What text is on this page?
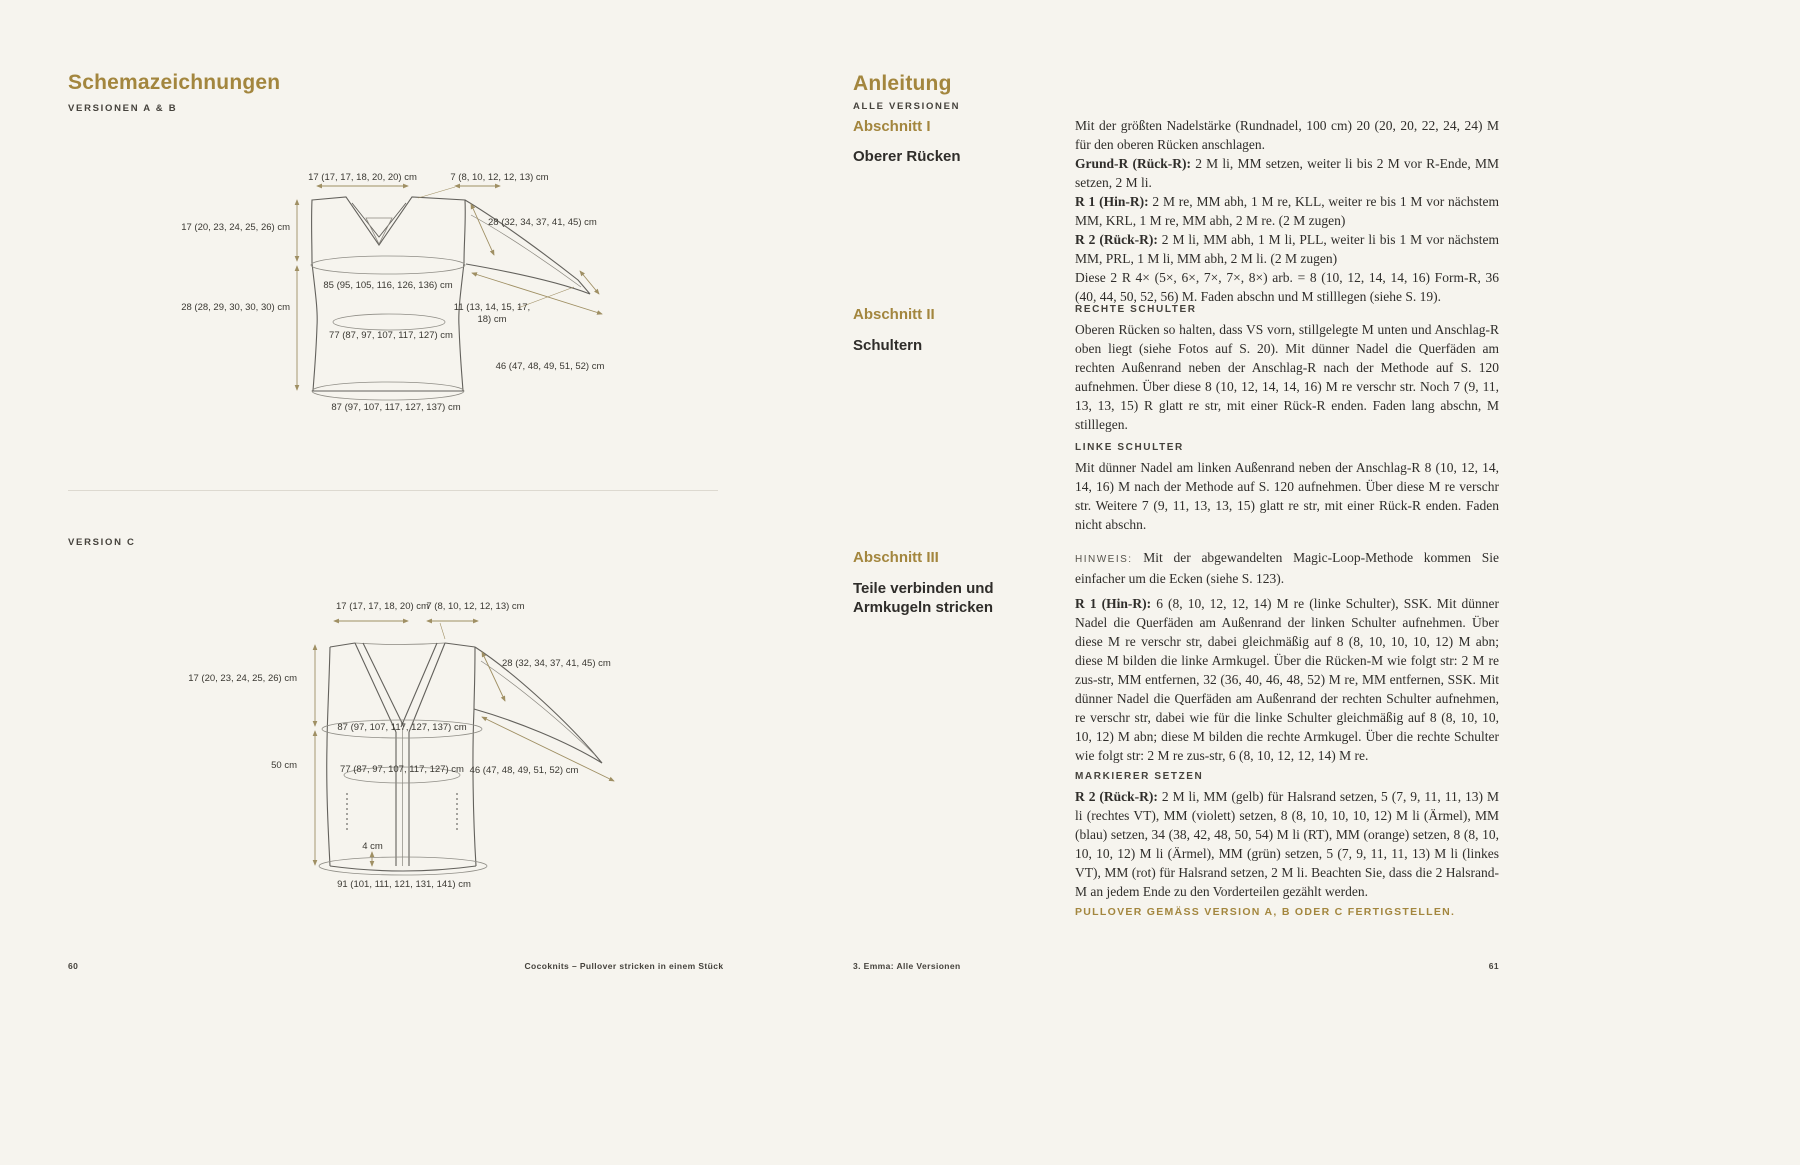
Schemazeichnungen
VERSIONEN A & B
17 (17, 17, 18, 20, 20) cm	7 (8, 10, 12, 12, 13) cm
17 (20, 23, 24, 25, 26) cm	28 (32, 34, 37, 41, 45) cm
85 (95, 105, 116, 126, 136) cm
28 (28, 29, 30, 30, 30) cm	11 (13, 14, 15, 17, 18) cm
77 (87, 97, 107, 117, 127) cm
46 (47, 48, 49, 51, 52) cm
87 (97, 107, 117, 127, 137) cm
VERSION C
17 (17, 17, 18, 20) cm
7 (8, 10, 12, 12, 13) cm
17 (20, 23, 24, 25, 26) cm
28 (32, 34, 37, 41, 45) cm
87 (97, 107, 117, 127, 137) cm
50 cm	77 (87, 97, 107, 117, 127) cm 46 (47, 48, 49, 51, 52) cm
4 cm
91 (101, 111, 121, 131, 141) cm
60	Cocoknits – Pullover stricken in einem Stück
Anleitung
ALLE VERSIONEN
Abschnitt I
Oberer Rücken
Abschnitt II
Schultern
Abschnitt III
Teile verbinden und Armkugeln stricken

Mit der größten Nadelstärke (Rundnadel, 100 cm) 20 (20, 20, 22, 24, 24) M für den oberen Rücken anschlagen.

Grund-R (Rück-R): 2 M li, MM setzen, weiter li bis 2 M vor R-Ende, MM setzen, 2 M li.

R 1 (Hin-R): 2 M re, MM abh, 1 M re, KLL, weiter re bis 1 M vor nächstem MM, KRL, 1 M re, MM abh, 2 M re. (2 M zugen)

R 2 (Rück-R): 2 M li, MM abh, 1 M li, PLL, weiter li bis 1 M vor nächstem MM, PRL, 1 M li, MM abh, 2 M li. (2 M zugen)

Diese 2 R 4× (5×, 6×, 7×, 7×, 8×) arb. = 8 (10, 12, 14, 14, 16) Form-R, 36 (40, 44, 50, 52, 56) M. Faden abschn und M stilllegen (siehe S. 19).

RECHTE SCHULTER

Oberen Rücken so halten, dass VS vorn, stillgelegte M unten und Anschlag-R oben liegt (siehe Fotos auf S. 20). Mit dünner Nadel die Querfäden am rechten Außenrand neben der Anschlag-R nach der Methode auf S. 120 aufnehmen. Über diese 8 (10, 12, 14, 14, 16) M re verschr str. Noch 7 (9, 11, 13, 13, 15) R glatt re str, mit einer Rück-R enden. Faden lang abschn, M stilllegen.

LINKE SCHULTER

Mit dünner Nadel am linken Außenrand neben der Anschlag-R 8 (10, 12, 14, 14, 16) M nach der Methode auf S. 120 aufnehmen. Über diese M re verschr str. Weitere 7 (9, 11, 13, 13, 15) glatt re str, mit einer Rück-R enden. Faden nicht abschn.

HINWEIS: Mit der abgewandelten Magic-Loop-Methode kommen Sie einfacher um die Ecken (siehe S. 123).

R 1 (Hin-R): 6 (8, 10, 12, 12, 14) M re (linke Schulter), SSK. Mit dünner Nadel die Querfäden am Außenrand der linken Schulter aufnehmen. Über diese M re verschr str, dabei gleichmäßig auf 8 (8, 10, 10, 10, 12) M abn; diese M bilden die linke Armkugel. Über die Rücken-M wie folgt str: 2 M re zus-str, MM entfernen, 32 (36, 40, 46, 48, 52) M re, MM entfernen, SSK. Mit dünner Nadel die Querfäden am Außenrand der rechten Schulter aufnehmen, re verschr str, dabei wie für die linke Schulter gleichmäßig auf 8 (8, 10, 10, 10, 12) M abn; diese M bilden die rechte Armkugel. Über die rechte Schulter wie folgt str: 2 M re zus-str, 6 (8, 10, 12, 12, 14) M re.

MARKIERER SETZEN

R 2 (Rück-R): 2 M li, MM (gelb) für Halsrand setzen, 5 (7, 9, 11, 11, 13) M li (rechtes VT), MM (violett) setzen, 8 (8, 10, 10, 10, 12) M li (Ärmel), MM (blau) setzen, 34 (38, 42, 48, 50, 54) M li (RT), MM (orange) setzen, 8 (8, 10, 10, 10, 12) M li (Ärmel), MM (grün) setzen, 5 (7, 9, 11, 11, 13) M li (linkes VT), MM (rot) für Halsrand setzen, 2 M li. Beachten Sie, dass die 2 Halsrand-M an jedem Ende zu den Vorderteilen gezählt werden.

PULLOVER GEMÄSS VERSION A, B ODER C FERTIGSTELLEN.
3. Emma: Alle Versionen	61
